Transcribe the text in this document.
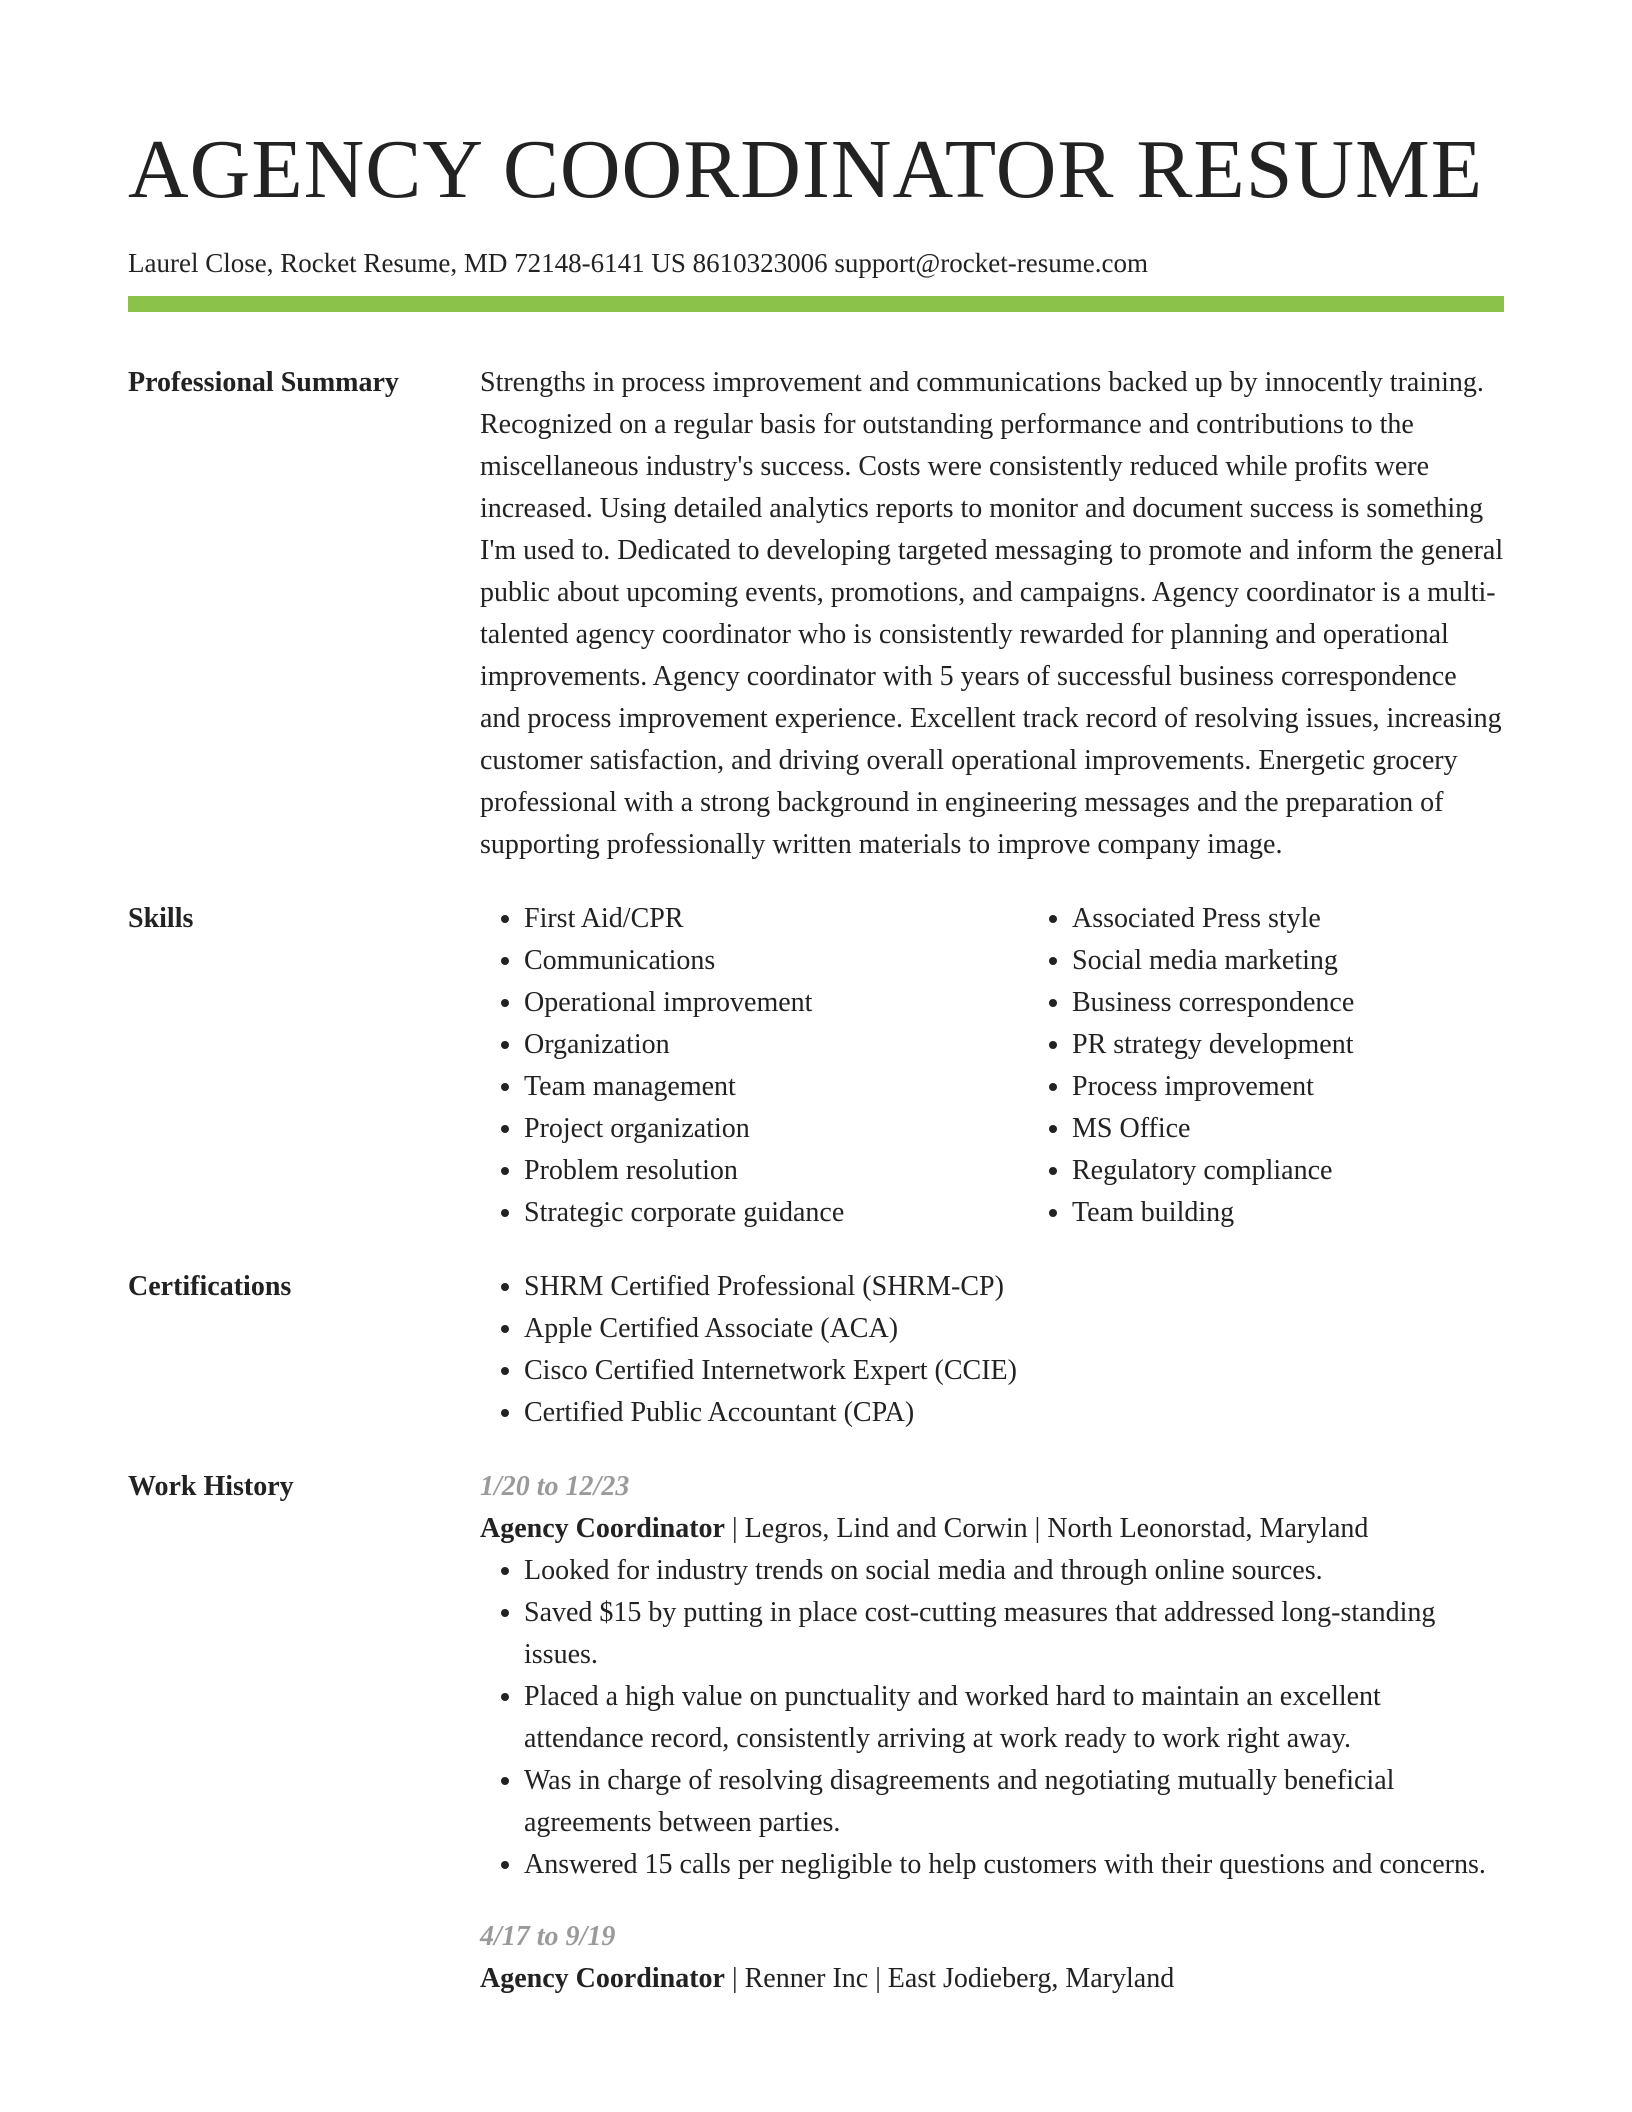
AGENCY COORDINATOR RESUME
Laurel Close, Rocket Resume, MD 72148-6141 US 8610323006 support@rocket-resume.com
Professional Summary	Strengths in process improvement and communications backed up by innocently training. Recognized on a regular basis for outstanding performance and contributions to the miscellaneous industry's success. Costs were consistently reduced while profits were increased. Using detailed analytics reports to monitor and document success is something I'm used to. Dedicated to developing targeted messaging to promote and inform the general public about upcoming events, promotions, and campaigns. Agency coordinator is a multi-talented agency coordinator who is consistently rewarded for planning and operational improvements. Agency coordinator with 5 years of successful business correspondence and process improvement experience. Excellent track record of resolving issues, increasing customer satisfaction, and driving overall operational improvements. Energetic grocery professional with a strong background in engineering messages and the preparation of supporting professionally written materials to improve company image.

Skills	• First Aid/CPR
• Communications
• Operational improvement
• Organization
• Team management
• Project organization
• Problem resolution
• Strategic corporate guidance
• Associated Press style
• Social media marketing
• Business correspondence
• PR strategy development
• Process improvement
• MS Office
• Regulatory compliance
• Team building
Certifications	• SHRM Certified Professional (SHRM-CP)
• Apple Certified Associate (ACA)
• Cisco Certified Internetwork Expert (CCIE)
• Certified Public Accountant (CPA)
Work History	1/20 to 12/23
Agency Coordinator | Legros, Lind and Corwin | North Leonorstad, Maryland
• Looked for industry trends on social media and through online sources.
• Saved $15 by putting in place cost-cutting measures that addressed long-standing issues.
• Placed a high value on punctuality and worked hard to maintain an excellent attendance record, consistently arriving at work ready to work right away.
• Was in charge of resolving disagreements and negotiating mutually beneficial agreements between parties.
• Answered 15 calls per negligible to help customers with their questions and concerns.
4/17 to 9/19
Agency Coordinator | Renner Inc | East Jodieberg, Maryland
